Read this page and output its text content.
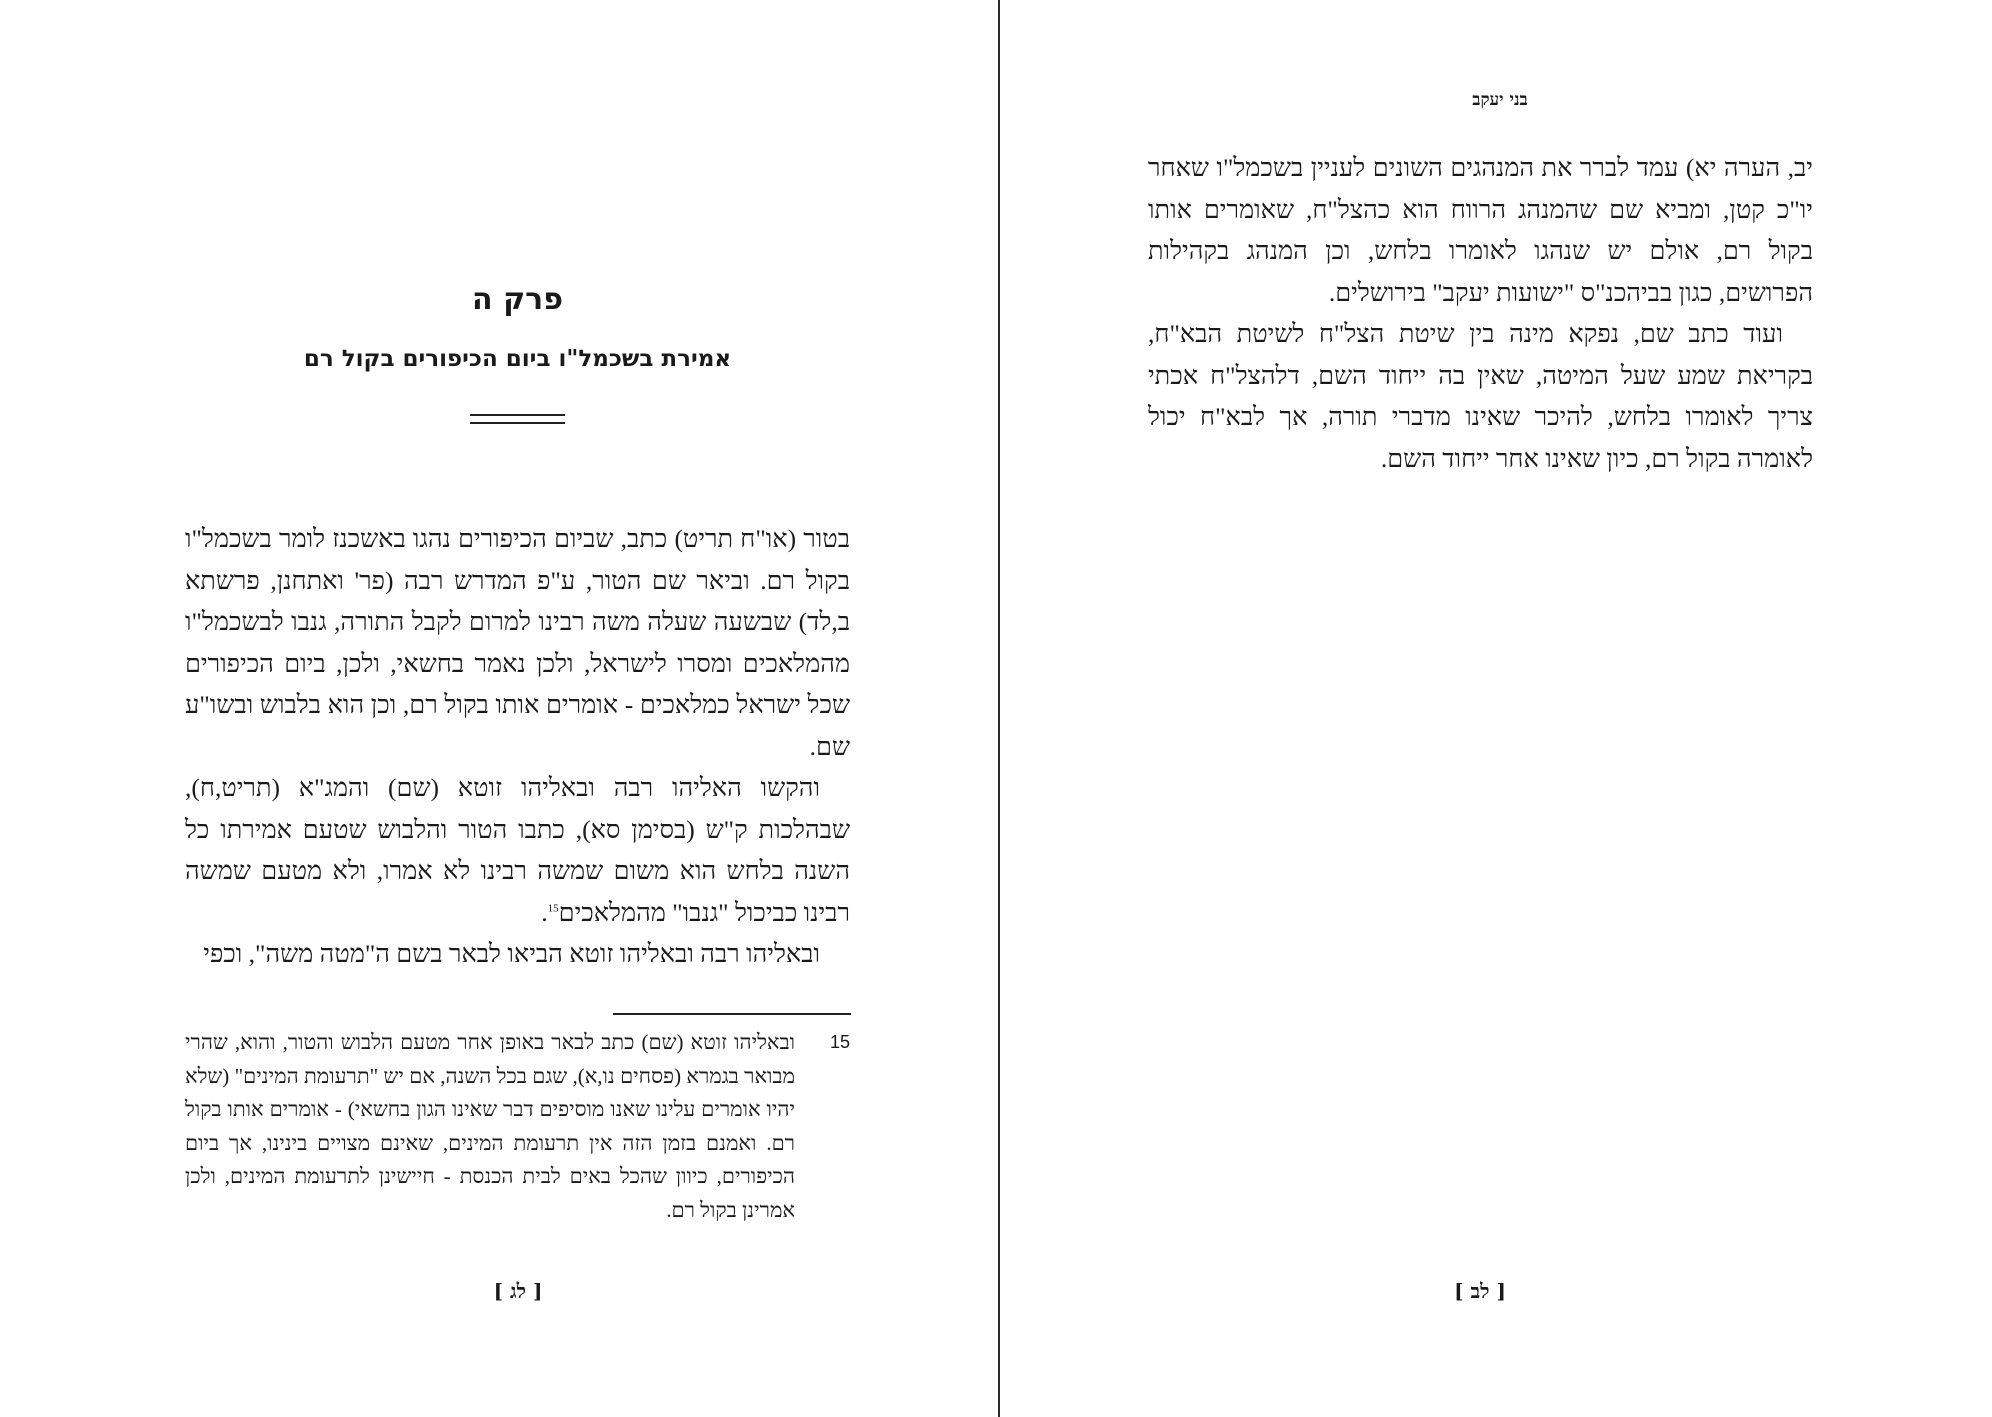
פרק ה
אמירת בשכמל"ו ביום הכיפורים בקול רם

בטור (או"ח תריט) כתב, שביום הכיפורים נהגו באשכנז לומר בשכמל"ו בקול רם. וביאר שם הטור, ע"פ המדרש רבה (פר' ואתחנן, פרשתא ב,לד) שבשעה שעלה משה רבינו למרום לקבל התורה, גנבו לבשכמל"ו מהמלאכים ומסרו לישראל, ולכן נאמר בחשאי, ולכן, ביום הכיפורים שכל ישראל כמלאכים - אומרים אותו בקול רם, וכן הוא בלבוש ובשו"ע שם.

והקשו האליהו רבה ובאליהו זוטא (שם) והמג"א (תריט,ח), שבהלכות ק"ש (בסימן סא), כתבו הטור והלבוש שטעם אמירתו כל השנה בלחש הוא משום שמשה רבינו לא אמרו, ולא מטעם שמשה רבינו כביכול "גנבו" מהמלאכים$^{15}$.

ובאליהו רבה ובאליהו זוטא הביאו לבאר בשם ה"מטה משה", וכפי

15
ובאליהו זוטא (שם) כתב לבאר באופן אחר מטעם הלבוש והטור, והוא, שהרי מבואר בגמרא (פסחים נו,א), שגם בכל השנה, אם יש "תרעומת המינים" (שלא יהיו אומרים עלינו שאנו מוסיפים דבר שאינו הגון בחשאי) - אומרים אותו בקול רם. ואמנם בזמן הזה אין תרעומת המינים, שאינם מצויים בינינו, אך ביום הכיפורים, כיוון שהכל באים לבית הכנסת - חיישינן לתרעומת המינים, ולכן אמרינן בקול רם.
[ לג ]
בני יעקב

יב, הערה יא) עמד לברר את המנהגים השונים לעניין בשכמל"ו שאחר יו"כ קטן, ומביא שם שהמנהג הרווח הוא כהצל"ח, שאומרים אותו בקול רם, אולם יש שנהגו לאומרו בלחש, וכן המנהג בקהילות הפרושים, כגון בביהכנ"ס "ישועות יעקב" בירושלים.

ועוד כתב שם, נפקא מינה בין שיטת הצל"ח לשיטת הבא"ח, בקריאת שמע שעל המיטה, שאין בה ייחוד השם, דלהצל"ח אכתי צריך לאומרו בלחש, להיכר שאינו מדברי תורה, אך לבא"ח יכול לאומרה בקול רם, כיון שאינו אחר ייחוד השם.

[ לב ]
